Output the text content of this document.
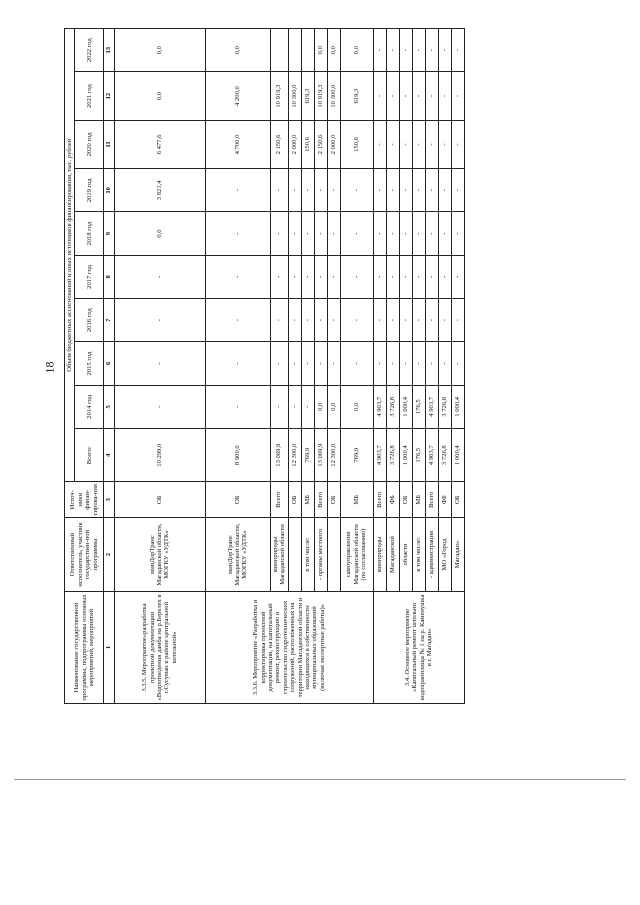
18
Наименование государственной программы, подпрограммы основных мероприятий, мероприятий	Ответственный исполнитель, участник государствен-ной программы	Источ-ники финан-сирова-ния	Объем бюджетных ассигнований и иных источников финансирования, тыс. рублей									
			Всего:	2014 год	2015 год	2016 год	2017 год	2018 год	2019 год	2020 год	2021 год	2022 год
1	2	3	4	5	6	7	8	9	10	11	12	13
3.3.5. Мероприятие«разработка проектной документации «Водоотведения дамба на р.Берелех в г.Сусуман в районе центральной котельной»	минДорТранс Магаданской области, МОГКУ «УДТК»	ОБ	10 299,0	-	-	-	-	0,0	3 821,4	6 477,6	0,0	0,0
3.3.6. Мероприятие «Разработка и корректировка проектной документации, на капитальный ремонт, реконструкцию и строительство гидротехнических сооружений, расположенных на территории Магаданской области и находящихся в собственности муниципальных образований (включая экспертные работы)»	минДорТранс Магаданской области, МОГКУ «УДТК»	ОБ	8 900,0	-	-	-	-	-	-	4 700,0	4 200,0	0,0
	минприроды Магаданской области	Всего	13 069,9	-	-	-	-	-	-	2 150,6	10 919,3	
		ОБ	12 300,0	-	-	-	-	-	-	2 000,0	10 300,0	
	в том числе:	МБ	769,9	-	-	-	-	-	-	150,6	619,3	
	- органы местного	Всего	13 069,9	0,0	-	-	-	-	-	2 150,6	10 919,3	0,0
		ОБ	12 300,0	0,0	-	-	-	-	-	2 000,0	10 300,0	0,0
	самоуправления Магаданской области (по согласованию)	МБ	769,9	0,0	-	-	-	-	-	150,6	619,3	0,0
3.4. Основное мероприятие «Капитальный ремонт штольни водохранилища № 1 на р. Каменушка в г. Магадан»	минприроды	Всего	4 903,7	4 903,7	-	-	-	-	-	-	-	-
	Магаданской	ФБ	3 726,8	3 726,8	-	-	-	-	-	-	-	-
	области	ОБ	1 000,4	1 000,4	-	-	-	-	-	-	-	-
	в том числе:	МБ	176,5	176,5	-	-	-	-	-	-	-	-
	- администрация	Всего	4 903,7	4 903,7	-	-	-	-	-	-	-	-
	МО «Город	ФБ	3 726,8	3 726,8	-	-	-	-	-	-	-	-
	Магадан»	ОБ	1 000,4	1 000,4	-	-	-	-	-	-	-	-
